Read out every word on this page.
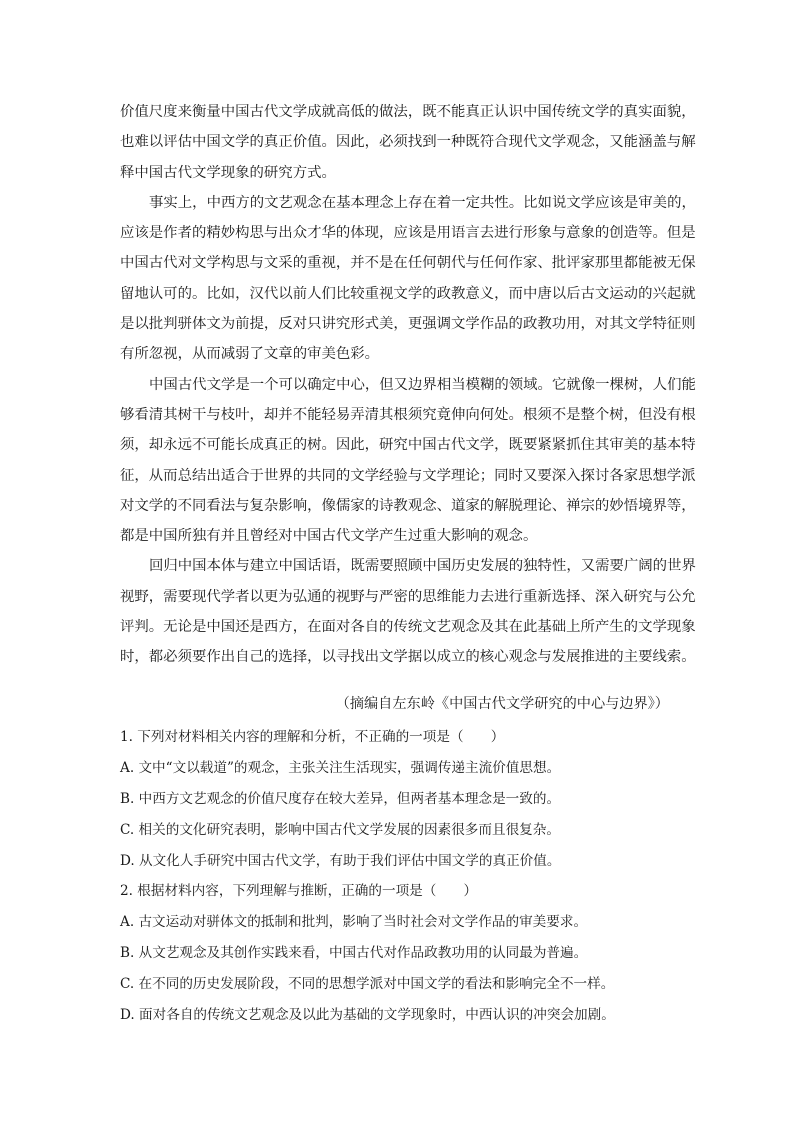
价值尺度来衡量中国古代文学成就高低的做法，既不能真正认识中国传统文学的真实面貌，
也难以评估中国文学的真正价值。因此，必须找到一种既符合现代文学观念，又能涵盖与解
释中国古代文学现象的研究方式。
事实上，中西方的文艺观念在基本理念上存在着一定共性。比如说文学应该是审美的，
应该是作者的精妙构思与出众才华的体现，应该是用语言去进行形象与意象的创造等。但是
中国古代对文学构思与文采的重视，并不是在任何朝代与任何作家、批评家那里都能被无保
留地认可的。比如，汉代以前人们比较重视文学的政教意义，而中唐以后古文运动的兴起就
是以批判骈体文为前提，反对只讲究形式美，更强调文学作品的政教功用，对其文学特征则
有所忽视，从而减弱了文章的审美色彩。
中国古代文学是一个可以确定中心，但又边界相当模糊的领域。它就像一棵树，人们能
够看清其树干与枝叶，却并不能轻易弄清其根须究竟伸向何处。根须不是整个树，但没有根
须，却永远不可能长成真正的树。因此，研究中国古代文学，既要紧紧抓住其审美的基本特
征，从而总结出适合于世界的共同的文学经验与文学理论；同时又要深入探讨各家思想学派
对文学的不同看法与复杂影响，像儒家的诗教观念、道家的解脱理论、禅宗的妙悟境界等，
都是中国所独有并且曾经对中国古代文学产生过重大影响的观念。
回归中国本体与建立中国话语，既需要照顾中国历史发展的独特性，又需要广阔的世界
视野，需要现代学者以更为弘通的视野与严密的思维能力去进行重新选择、深入研究与公允
评判。无论是中国还是西方，在面对各自的传统文艺观念及其在此基础上所产生的文学现象
时，都必须要作出自己的选择，以寻找出文学据以成立的核心观念与发展推进的主要线索。
（摘编自左东岭《中国古代文学研究的中心与边界》）
1. 下列对材料相关内容的理解和分析，不正确的一项是（　　）
A. 文中“文以载道”的观念，主张关注生活现实，强调传递主流价值思想。
B. 中西方文艺观念的价值尺度存在较大差异，但两者基本理念是一致的。
C. 相关的文化研究表明，影响中国古代文学发展的因素很多而且很复杂。
D. 从文化人手研究中国古代文学，有助于我们评估中国文学的真正价值。
2. 根据材料内容，下列理解与推断，正确的一项是（　　）
A. 古文运动对骈体文的抵制和批判，影响了当时社会对文学作品的审美要求。
B. 从文艺观念及其创作实践来看，中国古代对作品政教功用的认同最为普遍。
C. 在不同的历史发展阶段，不同的思想学派对中国文学的看法和影响完全不一样。
D. 面对各自的传统文艺观念及以此为基础的文学现象时，中西认识的冲突会加剧。
